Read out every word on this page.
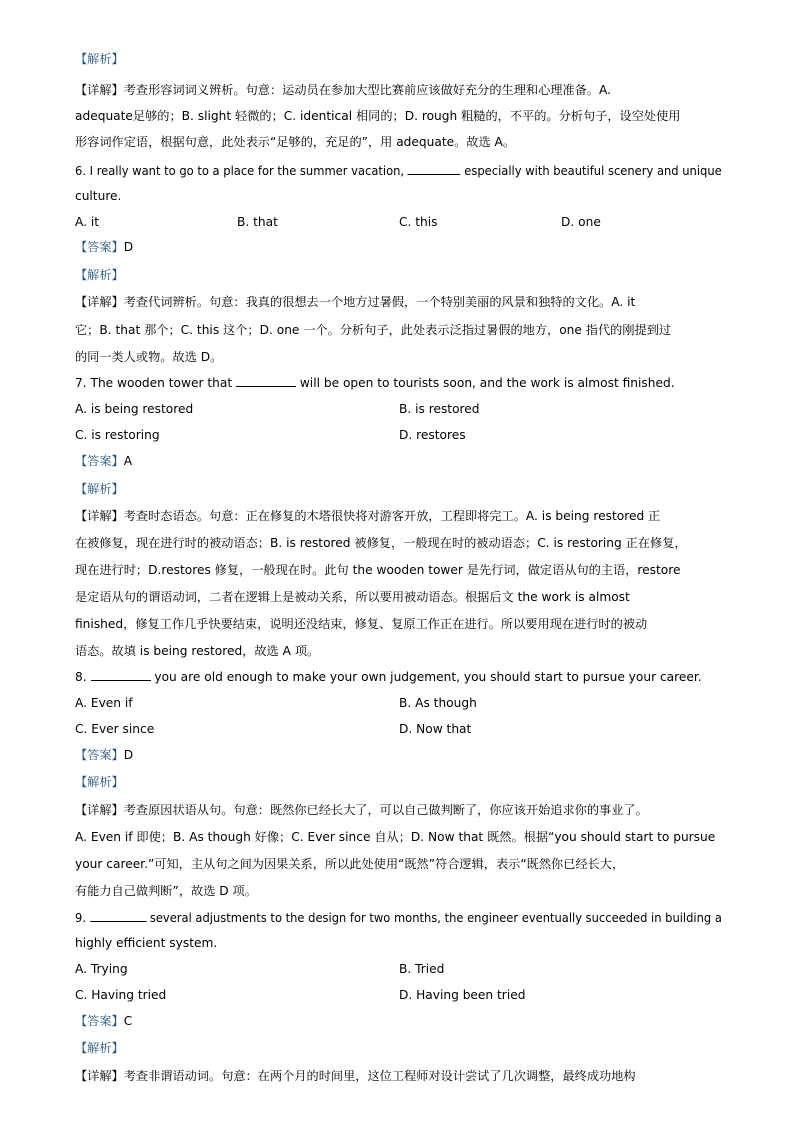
【解析】
【详解】考查形容词词义辨析。句意：运动员在参加大型比赛前应该做好充分的生理和心理准备。A.
adequate足够的；B. slight 轻微的；C. identical 相同的；D. rough 粗糙的，不平的。分析句子，设空处使用
形容词作定语，根据句意，此处表示“足够的，充足的”，用 adequate。故选 A。
6. I really want to go to a place for the summer vacation,	especially with beautiful scenery and unique
culture.
A. it	B. that	C. this	D. one
【答案】D
【解析】
【详解】考查代词辨析。句意：我真的很想去一个地方过暑假，一个特别美丽的风景和独特的文化。A. it
它；B. that 那个；C. this 这个；D. one 一个。分析句子，此处表示泛指过暑假的地方，one 指代的刚提到过
的同一类人或物。故选 D。
7. The wooden tower that	will be open to tourists soon, and the work is almost finished.
A. is being restored	B. is restored
C. is restoring	D. restores
【答案】A
【解析】
【详解】考查时态语态。句意：正在修复的木塔很快将对游客开放，工程即将完工。A. is being restored 正
在被修复，现在进行时的被动语态；B. is restored 被修复，一般现在时的被动语态；C. is restoring 正在修复，
现在进行时；D.restores 修复，一般现在时。此句 the wooden tower 是先行词，做定语从句的主语，restore
是定语从句的谓语动词，二者在逻辑上是被动关系，所以要用被动语态。根据后文 the work is almost
finished，修复工作几乎快要结束，说明还没结束，修复、复原工作正在进行。所以要用现在进行时的被动
语态。故填 is being restored，故选 A 项。
8.	you are old enough to make your own judgement, you should start to pursue your career.
A. Even if	B. As though
C. Ever since	D. Now that
【答案】D
【解析】
【详解】考查原因状语从句。句意：既然你已经长大了，可以自己做判断了，你应该开始追求你的事业了。
A. Even if 即使；B. As though 好像；C. Ever since 自从；D. Now that 既然。根据“you should start to pursue
your career.”可知，主从句之间为因果关系，所以此处使用“既然”符合逻辑，表示“既然你已经长大，
有能力自己做判断”，故选 D 项。
9.	several adjustments to the design for two months, the engineer eventually succeeded in building a
highly efficient system.
A. Trying	B. Tried
C. Having tried	D. Having been tried
【答案】C
【解析】
【详解】考查非谓语动词。句意：在两个月的时间里，这位工程师对设计尝试了几次调整，最终成功地构
